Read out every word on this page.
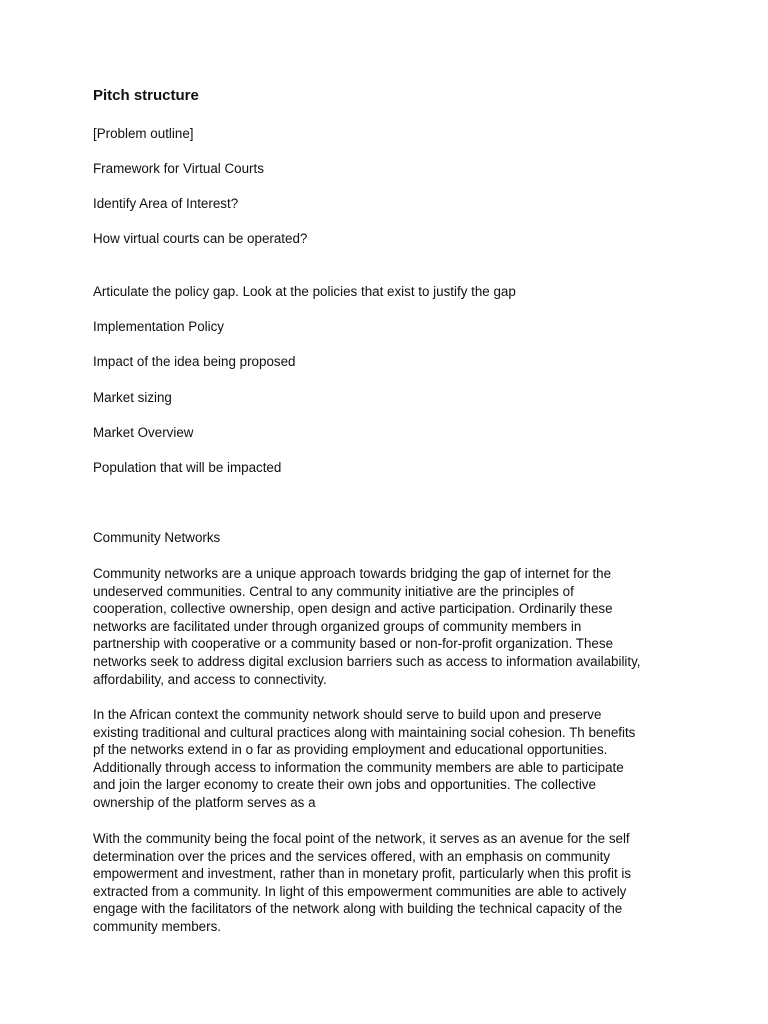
Pitch structure
[Problem outline]
Framework for Virtual Courts
Identify Area of Interest?
How virtual courts can be operated?
Articulate the policy gap. Look at the policies that exist to justify the gap
Implementation Policy
Impact of the idea being proposed
Market sizing
Market Overview
Population that will be impacted
Community Networks
Community networks are a unique approach towards bridging the gap of internet for the
undeserved communities. Central to any community initiative are the principles of
cooperation, collective ownership, open design and active participation. Ordinarily these
networks are facilitated under through organized groups of community members in
partnership with cooperative or a community based or non-for-profit organization. These
networks seek to address digital exclusion barriers such as access to information availability,
affordability, and access to connectivity.
In the African context the community network should serve to build upon and preserve
existing traditional and cultural practices along with maintaining social cohesion. Th benefits
pf the networks extend in o far as providing employment and educational opportunities.
Additionally through access to information the community members are able to participate
and join the larger economy to create their own jobs and opportunities. The collective
ownership of the platform serves as a
With the community being the focal point of the network, it serves as an avenue for the self
determination over the prices and the services offered, with an emphasis on community
empowerment and investment, rather than in monetary profit, particularly when this profit is
extracted from a community. In light of this empowerment communities are able to actively
engage with the facilitators of the network along with building the technical capacity of the
community members.
